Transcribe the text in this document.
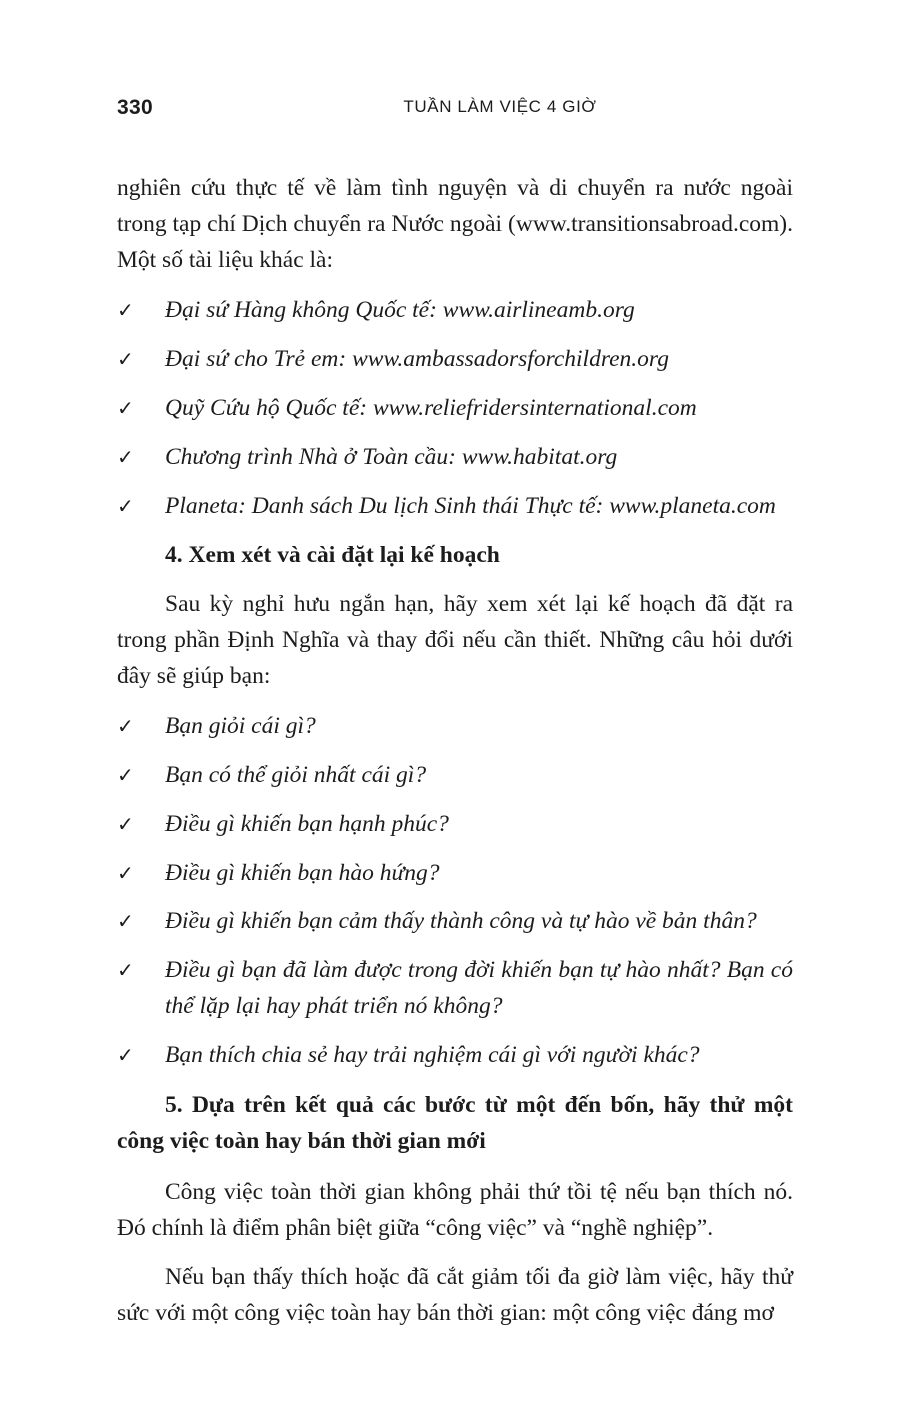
330	TUẦN LÀM VIỆC 4 GIỜ

nghiên cứu thực tế về làm tình nguyện và di chuyển ra nước ngoài trong tạp chí Dịch chuyển ra Nước ngoài (www.transitionsabroad.com). Một số tài liệu khác là:

✓	Đại sứ Hàng không Quốc tế: www.airlineamb.org
✓	Đại sứ cho Trẻ em: www.ambassadorsforchildren.org
✓	Quỹ Cứu hộ Quốc tế: www.reliefridersinternational.com
✓	Chương trình Nhà ở Toàn cầu: www.habitat.org
✓	Planeta: Danh sách Du lịch Sinh thái Thực tế: www.planeta.com
4. Xem xét và cài đặt lại kế hoạch

Sau kỳ nghỉ hưu ngắn hạn, hãy xem xét lại kế hoạch đã đặt ra trong phần Định Nghĩa và thay đổi nếu cần thiết. Những câu hỏi dưới đây sẽ giúp bạn:

✓	Bạn giỏi cái gì?
✓	Bạn có thể giỏi nhất cái gì?
✓	Điều gì khiến bạn hạnh phúc?
✓	Điều gì khiến bạn hào hứng?
✓	Điều gì khiến bạn cảm thấy thành công và tự hào về bản thân?
✓	Điều gì bạn đã làm được trong đời khiến bạn tự hào nhất? Bạn có thể lặp lại hay phát triển nó không?
✓	Bạn thích chia sẻ hay trải nghiệm cái gì với người khác?
5. Dựa trên kết quả các bước từ một đến bốn, hãy thử một công việc toàn hay bán thời gian mới

Công việc toàn thời gian không phải thứ tồi tệ nếu bạn thích nó. Đó chính là điểm phân biệt giữa “công việc” và “nghề nghiệp”.

Nếu bạn thấy thích hoặc đã cắt giảm tối đa giờ làm việc, hãy thử sức với một công việc toàn hay bán thời gian: một công việc đáng mơ
